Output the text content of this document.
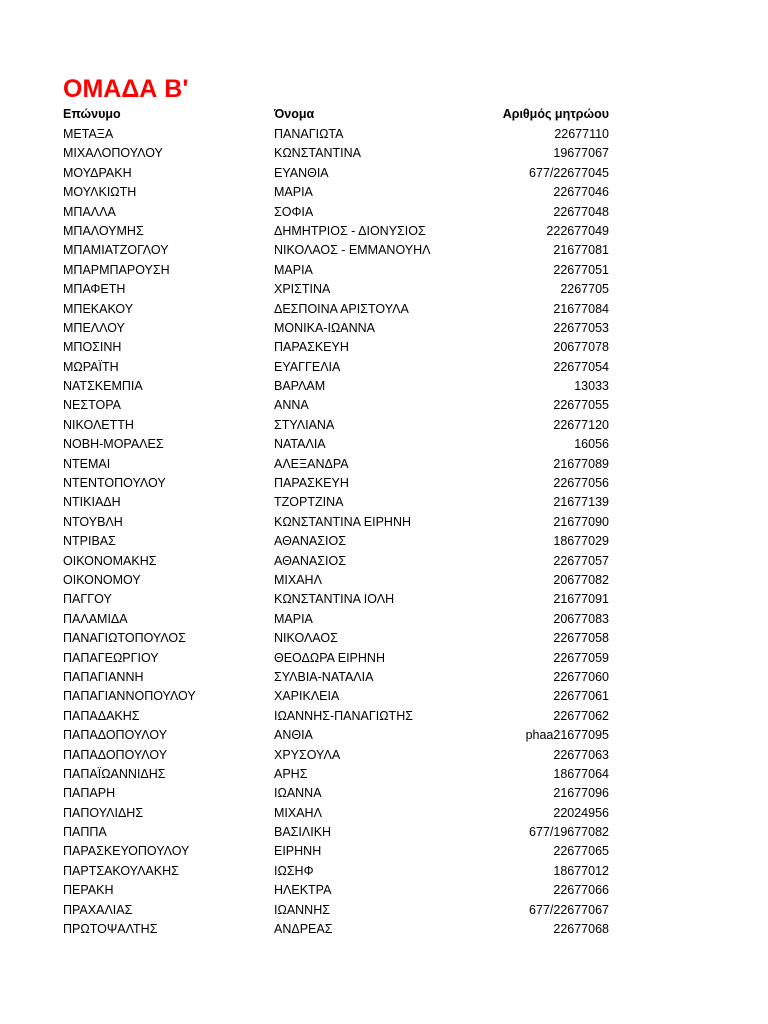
ΟΜΑΔΑ Β'
Επώνυμο	Όνομα	Αριθμός μητρώου
ΜΕΤΑΞΑ	ΠΑΝΑΓΙΩΤΑ	22677110
ΜΙΧΑΛΟΠΟΥΛΟΥ	ΚΩΝΣΤΑΝΤΙΝΑ	19677067
ΜΟΥΔΡΑΚΗ	ΕΥΑΝΘΙΑ	677/22677045
ΜΟΥΛΚΙΩΤΗ	ΜΑΡΙΑ	22677046
ΜΠΑΛΛΑ	ΣΟΦΙΑ	22677048
ΜΠΑΛΟΥΜΗΣ	ΔΗΜΗΤΡΙΟΣ - ΔΙΟΝΥΣΙΟΣ	222677049
ΜΠΑΜΙΑΤΖΟΓΛΟΥ	ΝΙΚΟΛΑΟΣ - ΕΜΜΑΝΟΥΗΛ	21677081
ΜΠΑΡΜΠΑΡΟΥΣΗ	ΜΑΡΙΑ	22677051
ΜΠΑΦΕΤΗ	ΧΡΙΣΤΙΝΑ	2267705
ΜΠΕΚΑΚΟΥ	ΔΕΣΠΟΙΝΑ ΑΡΙΣΤΟΥΛΑ	21677084
ΜΠΕΛΛΟΥ	ΜΟΝΙΚΑ-ΙΩΑΝΝΑ	22677053
ΜΠΟΣΙΝΗ	ΠΑΡΑΣΚΕΥΗ	20677078
ΜΩΡΑΪΤΗ	ΕΥΑΓΓΕΛΙΑ	22677054
ΝΑΤΣΚΕΜΠΙΑ	ΒΑΡΛΑΜ	13033
ΝΕΣΤΟΡΑ	ΑΝΝΑ	22677055
ΝΙΚΟΛΕΤΤΗ	ΣΤΥΛΙΑΝΑ	22677120
ΝΟΒΗ-ΜΟΡΑΛΕΣ	ΝΑΤΑΛΙΑ	16056
ΝΤΕΜΑΙ	ΑΛΕΞΑΝΔΡΑ	21677089
ΝΤΕΝΤΟΠΟΥΛΟΥ	ΠΑΡΑΣΚΕΥΗ	22677056
ΝΤΙΚΙΑΔΗ	ΤΖΟΡΤΖΙΝΑ	21677139
ΝΤΟΥΒΛΗ	ΚΩΝΣΤΑΝΤΙΝΑ ΕΙΡΗΝΗ	21677090
ΝΤΡΙΒΑΣ	ΑΘΑΝΑΣΙΟΣ	18677029
ΟΙΚΟΝΟΜΑΚΗΣ	ΑΘΑΝΑΣΙΟΣ	22677057
ΟΙΚΟΝΟΜΟΥ	ΜΙΧΑΗΛ	20677082
ΠΑΓΓΟΥ	ΚΩΝΣΤΑΝΤΙΝΑ ΙΟΛΗ	21677091
ΠΑΛΑΜΙΔΑ	ΜΑΡΙΑ	20677083
ΠΑΝΑΓΙΩΤΟΠΟΥΛΟΣ	ΝΙΚΟΛΑΟΣ	22677058
ΠΑΠΑΓΕΩΡΓΙΟΥ	ΘΕΟΔΩΡΑ ΕΙΡΗΝΗ	22677059
ΠΑΠΑΓΙΑΝΝΗ	ΣΥΛΒΙΑ-ΝΑΤΑΛΙΑ	22677060
ΠΑΠΑΓΙΑΝΝΟΠΟΥΛΟΥ	ΧΑΡΙΚΛΕΙΑ	22677061
ΠΑΠΑΔΑΚΗΣ	ΙΩΑΝΝΗΣ-ΠΑΝΑΓΙΩΤΗΣ	22677062
ΠΑΠΑΔΟΠΟΥΛΟΥ	ΑΝΘΙΑ	phaa21677095
ΠΑΠΑΔΟΠΟΥΛΟΥ	ΧΡΥΣΟΥΛΑ	22677063
ΠΑΠΑΪΩΑΝΝΙΔΗΣ	ΑΡΗΣ	18677064
ΠΑΠΑΡΗ	ΙΩΑΝΝΑ	21677096
ΠΑΠΟΥΛΙΔΗΣ	ΜΙΧΑΗΛ	22024956
ΠΑΠΠΑ	ΒΑΣΙΛΙΚΗ	677/19677082
ΠΑΡΑΣΚΕΥΟΠΟΥΛΟΥ	ΕΙΡΗΝΗ	22677065
ΠΑΡΤΣΑΚΟΥΛΑΚΗΣ	ΙΩΣΗΦ	18677012
ΠΕΡΑΚΗ	ΗΛΕΚΤΡΑ	22677066
ΠΡΑΧΑΛΙΑΣ	ΙΩΑΝΝΗΣ	677/22677067
ΠΡΩΤΟΨΑΛΤΗΣ	ΑΝΔΡΕΑΣ	22677068
